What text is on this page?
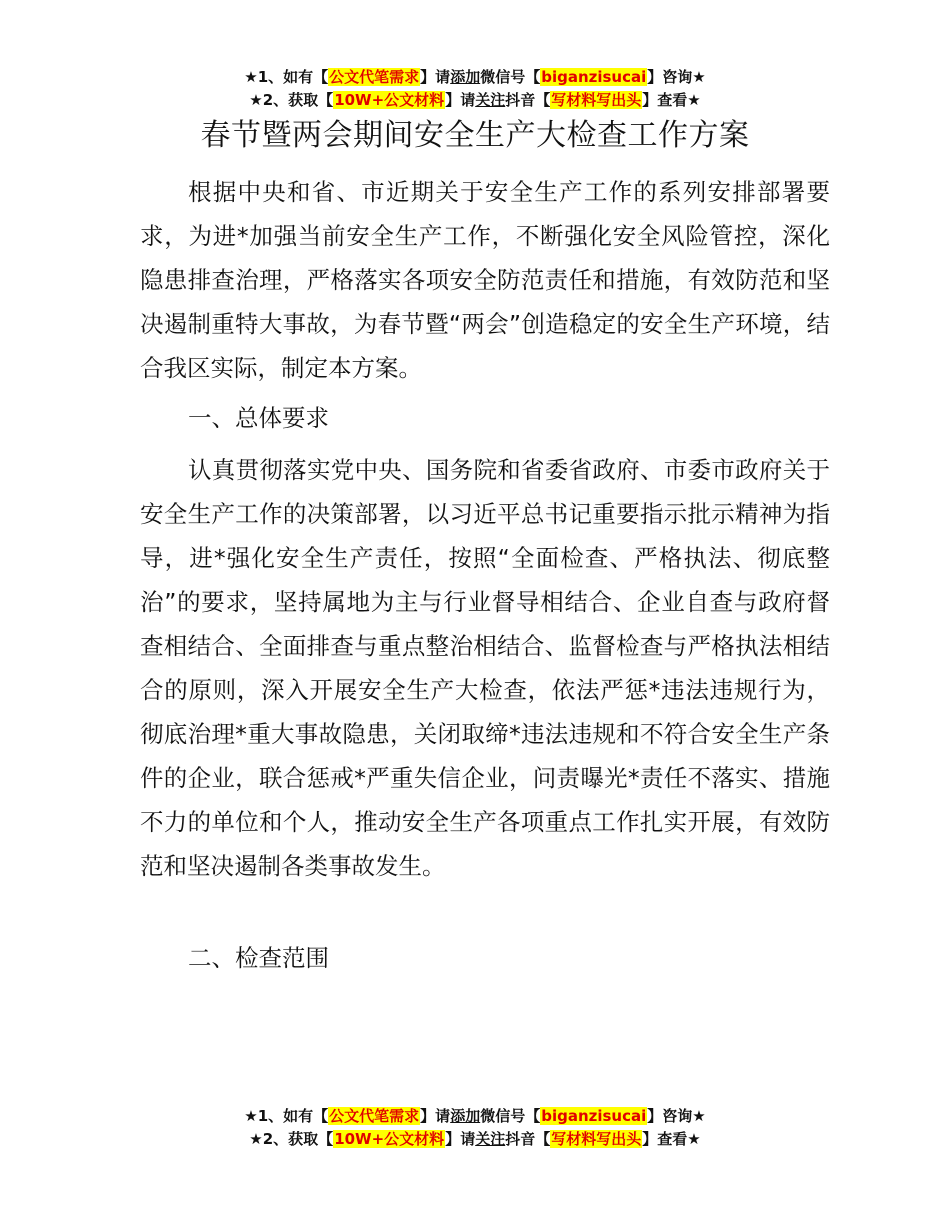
★1、如有【公文代笔需求】请添加微信号【biganzisucai】咨询★
★2、获取【10W+公文材料】请关注抖音【写材料写出头】查看★
春节暨两会期间安全生产大检查工作方案

根据中央和省、市近期关于安全生产工作的系列安排部署要求，为进*加强当前安全生产工作，不断强化安全风险管控，深化隐患排查治理，严格落实各项安全防范责任和措施，有效防范和坚决遏制重特大事故，为春节暨“两会”创造稳定的安全生产环境，结合我区实际，制定本方案。

一、总体要求

认真贯彻落实党中央、国务院和省委省政府、市委市政府关于安全生产工作的决策部署，以习近平总书记重要指示批示精神为指导，进*强化安全生产责任，按照“全面检查、严格执法、彻底整治”的要求，坚持属地为主与行业督导相结合、企业自查与政府督查相结合、全面排查与重点整治相结合、监督检查与严格执法相结合的原则，深入开展安全生产大检查，依法严惩*违法违规行为，彻底治理*重大事故隐患，关闭取缔*违法违规和不符合安全生产条件的企业，联合惩戒*严重失信企业，问责曝光*责任不落实、措施不力的单位和个人，推动安全生产各项重点工作扎实开展，有效防范和坚决遏制各类事故发生。

二、检查范围

★1、如有【公文代笔需求】请添加微信号【biganzisucai】咨询★
★2、获取【10W+公文材料】请关注抖音【写材料写出头】查看★
